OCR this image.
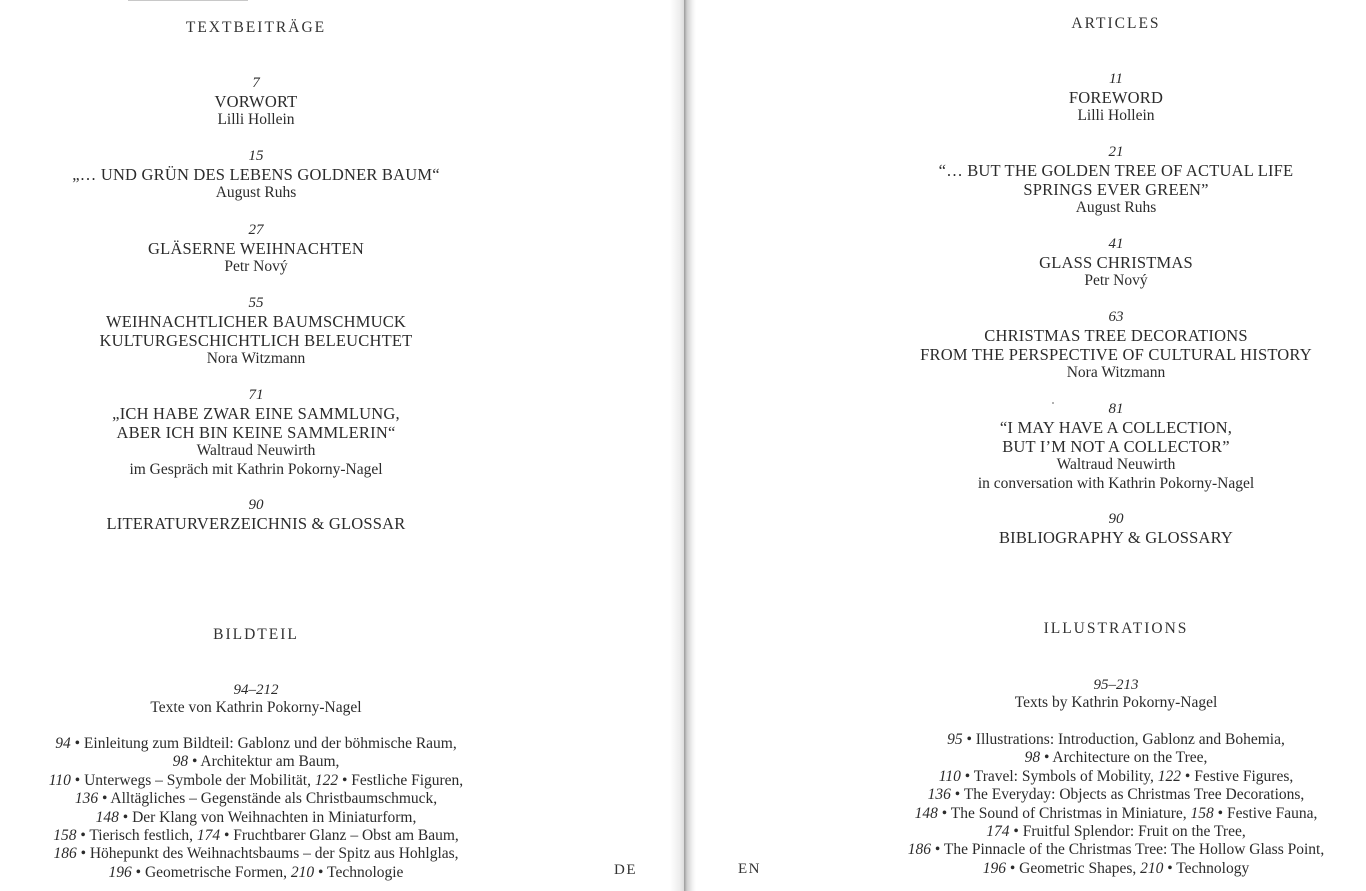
TEXTBEITRÄGE
7
VORWORT
Lilli Hollein
15
„… UND GRÜN DES LEBENS GOLDNER BAUM“
August Ruhs
27
GLÄSERNE WEIHNACHTEN
Petr Nový
55
WEIHNACHTLICHER BAUMSCHMUCK
KULTURGESCHICHTLICH BELEUCHTET
Nora Witzmann
71
„ICH HABE ZWAR EINE SAMMLUNG,
ABER ICH BIN KEINE SAMMLERIN“
Waltraud Neuwirth
im Gespräch mit Kathrin Pokorny-Nagel
90
LITERATURVERZEICHNIS & GLOSSAR
BILDTEIL
94–212
Texte von Kathrin Pokorny-Nagel
94 • Einleitung zum Bildteil: Gablonz und der böhmische Raum,
98 • Architektur am Baum,
110 • Unterwegs – Symbole der Mobilität, 122 • Festliche Figuren,
136 • Alltägliches – Gegenstände als Christbaumschmuck,
148 • Der Klang von Weihnachten in Miniaturform,
158 • Tierisch festlich, 174 • Fruchtbarer Glanz – Obst am Baum,
186 • Höhepunkt des Weihnachtsbaums – der Spitz aus Hohlglas,
196 • Geometrische Formen, 210 • Technologie	DE
ARTICLES
11
FOREWORD
Lilli Hollein
21
“… BUT THE GOLDEN TREE OF ACTUAL LIFE
SPRINGS EVER GREEN”
August Ruhs
41
GLASS CHRISTMAS
Petr Nový
63
CHRISTMAS TREE DECORATIONS
FROM THE PERSPECTIVE OF CULTURAL HISTORY
Nora Witzmann
81
“I MAY HAVE A COLLECTION,
BUT I’M NOT A COLLECTOR”
Waltraud Neuwirth
in conversation with Kathrin Pokorny-Nagel
90
BIBLIOGRAPHY & GLOSSARY
ILLUSTRATIONS
95–213
Texts by Kathrin Pokorny-Nagel
95 • Illustrations: Introduction, Gablonz and Bohemia,
98 • Architecture on the Tree,
110 • Travel: Symbols of Mobility, 122 • Festive Figures,
136 • The Everyday: Objects as Christmas Tree Decorations,
148 • The Sound of Christmas in Miniature, 158 • Festive Fauna,
174 • Fruitful Splendor: Fruit on the Tree,
186 • The Pinnacle of the Christmas Tree: The Hollow Glass Point,
196 • Geometric Shapes, 210 • Technology
EN
